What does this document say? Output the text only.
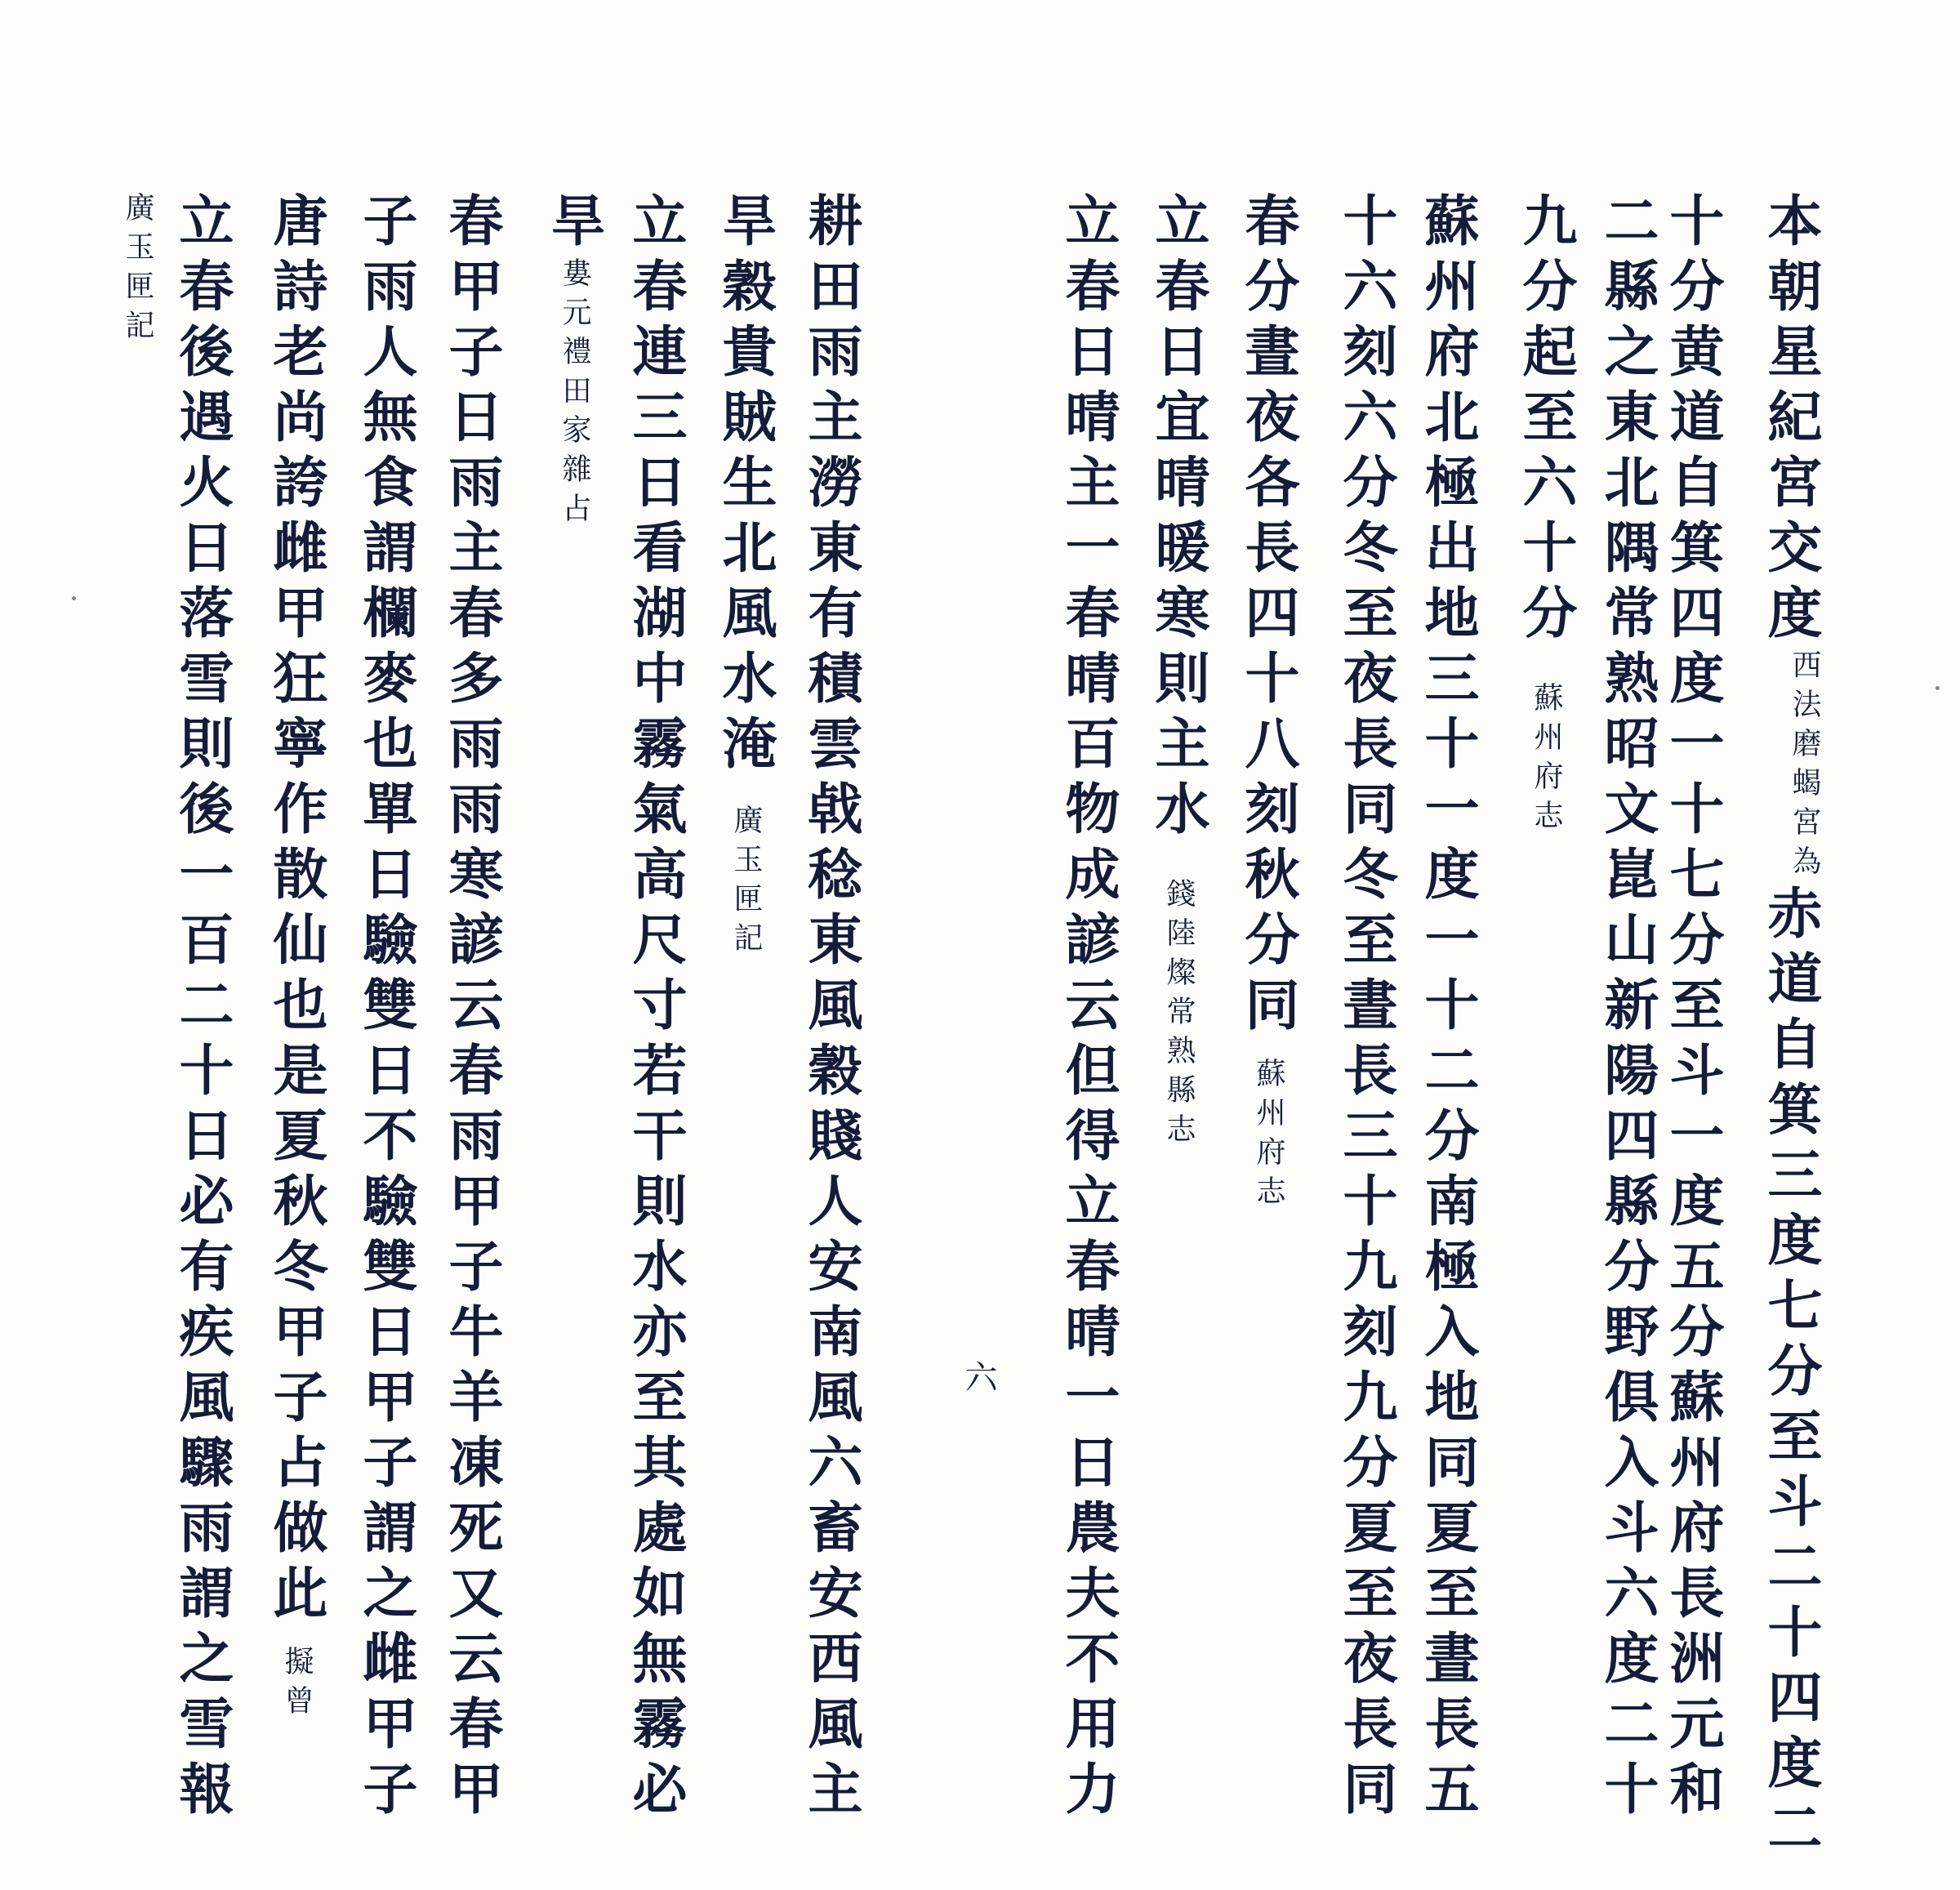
本朝星紀宮交度西法磨蝎宮為赤道自箕三度七分至斗二十四度二
十分黄道自箕四度一十七分至斗一度五分蘇州府長洲元和
二縣之東北隅常熟昭文崑山新陽四縣分野俱入斗六度二十
九分起至六十分蘇州府志
蘇州府北極出地三十一度一十二分南極入地同夏至晝長五
十六刻六分冬至夜長同冬至晝長三十九刻九分夏至夜長同
春分晝夜各長四十八刻秋分同蘇州府志
立春日宜晴暖寒則主水錢陸燦常熟縣志
立春日晴主一春晴百物成諺云但得立春晴一日農夫不用力
六
耕田雨主澇東有積雲㦸稔東風穀賤人安南風六畜安西風主
旱穀貴賊生北風水淹廣玉匣記
立春連三日看湖中霧氣高尺寸若干則水亦至其處如無霧必
旱婁元禮田家雜占
春甲子日雨主春多雨雨寒諺云春雨甲子牛羊凍死又云春甲
子雨人無食謂欄麥也單日驗雙日不驗雙日甲子謂之雌甲子
唐詩老尚誇雌甲狂寧作散仙也是夏秋冬甲子占做此擬曾
立春後遇火日落雪則後一百二十日必有疾風驟雨謂之雪報
廣玉匣記
